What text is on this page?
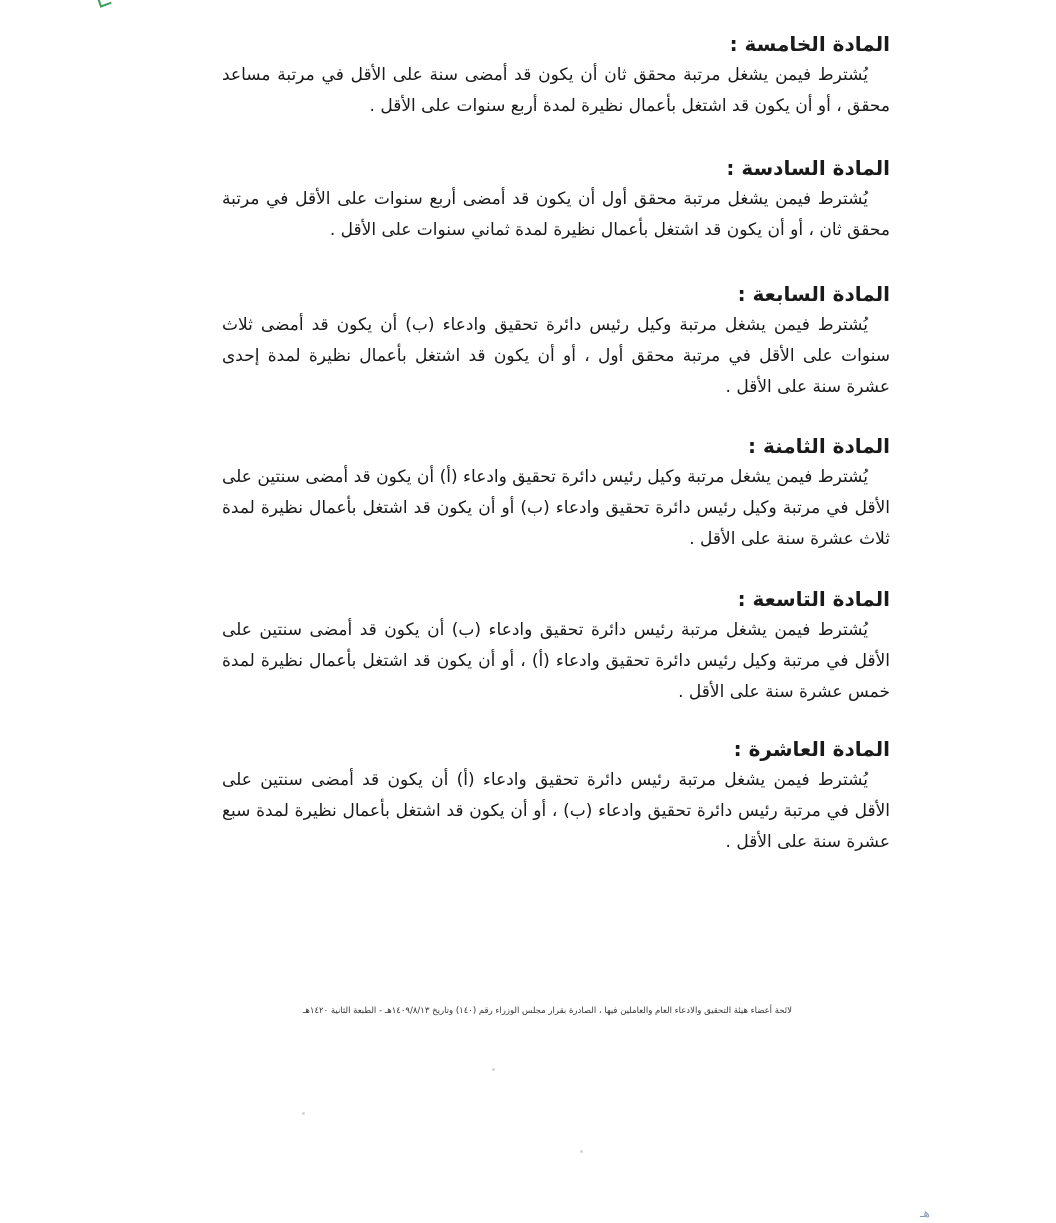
المادة الخامسة :

يُشترط فيمن يشغل مرتبة محقق ثان أن يكون قد أمضى سنة على الأقل في مرتبة مساعد محقق ، أو أن يكون قد اشتغل بأعمال نظيرة لمدة أربع سنوات على الأقل .

المادة السادسة :

يُشترط فيمن يشغل مرتبة محقق أول أن يكون قد أمضى أربع سنوات على الأقل في مرتبة محقق ثان ، أو أن يكون قد اشتغل بأعمال نظيرة لمدة ثماني سنوات على الأقل .

المادة السابعة :

يُشترط فيمن يشغل مرتبة وكيل رئيس دائرة تحقيق وادعاء (ب) أن يكون قد أمضى ثلاث سنوات على الأقل في مرتبة محقق أول ، أو أن يكون قد اشتغل بأعمال نظيرة لمدة إحدى عشرة سنة على الأقل .

المادة الثامنة :

يُشترط فيمن يشغل مرتبة وكيل رئيس دائرة تحقيق وادعاء (أ) أن يكون قد أمضى سنتين على الأقل في مرتبة وكيل رئيس دائرة تحقيق وادعاء (ب) أو أن يكون قد اشتغل بأعمال نظيرة لمدة ثلاث عشرة سنة على الأقل .

المادة التاسعة :

يُشترط فيمن يشغل مرتبة رئيس دائرة تحقيق وادعاء (ب) أن يكون قد أمضى سنتين على الأقل في مرتبة وكيل رئيس دائرة تحقيق وادعاء (أ) ، أو أن يكون قد اشتغل بأعمال نظيرة لمدة خمس عشرة سنة على الأقل .

المادة العاشرة :

يُشترط فيمن يشغل مرتبة رئيس دائرة تحقيق وادعاء (أ) أن يكون قد أمضى سنتين على الأقل في مرتبة رئيس دائرة تحقيق وادعاء (ب) ، أو أن يكون قد اشتغل بأعمال نظيرة لمدة سبع عشرة سنة على الأقل .

لائحة أعضاء هيئة التحقيق والادعاء العام والعاملين فيها ، الصادرة بقرار مجلس الوزراء رقم (١٤٠) وتاريخ ١٤٠٩/٨/١٣هـ - الطبعة الثانية ١٤٢٠هـ
هـ
